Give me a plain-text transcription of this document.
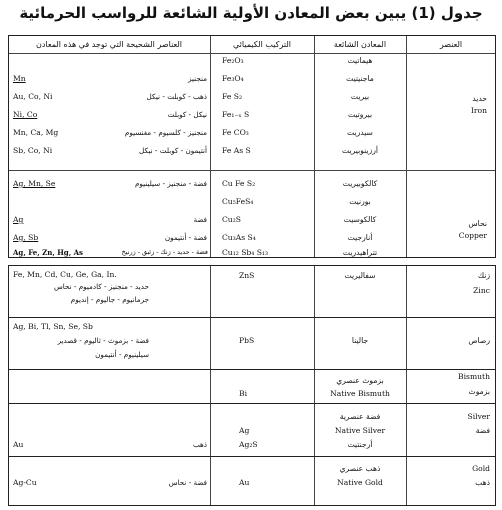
جدول (1) يبين بعض المعادن الأولية الشائعة للرواسب الحرمائية
العنصر
المعادن الشائعة
التركيب الكيميائي
العناصر الشحيحة التي توجد في هذه المعادن
حديد
Iron
هيماتيت
ماجنيتيت
بيريت
بيروتيت
سيدريت
أرزينوبيريت
Fe₂O₃
Fe₃O₄
Fe S₂
Fe₁₋ₓ S
Fe CO₃
Fe As S
Mn
Au, Co, Ni
Ni, Co
Mn, Ca, Mg
Sb, Co, Ni
منجنيز
ذهب - كوبلت - نيكل
نيكل - كوبلت
منجنيز - كلسيوم - مغنسيوم
أنتيمون - كوبلت - نيكل
نحاس
Copper
كالكوبيريت
بورنيت
كالكوسيت
أنارجيت
تتراهيدريت
Cu Fe S₂
Cu₅FeS₄
Cu₂S
Cu₃As S₄
Cu₁₂ Sb₄ S₁₃
Ag, Mn, Se
Ag
Ag, Sb
Ag, Fe, Zn, Hg, As
فضة - منجنيز - سيلينيوم
فضة
فضة - أنتيمون
فضة - حديد - زنك - زئبق - زرنيخ
زنك
Zinc
سفاليريت
ZnS
Fe, Mn, Cd, Cu, Ge, Ga, In.
حديد - منجنيز - كادميوم - نحاس
جرمانيوم - جاليوم - إنديوم
رصاص
جالينا
PbS
Ag, Bi, Tl, Sn, Se, Sb
فضة - بزموث - ثاليوم - قصدير
سيلينيوم - أنتيمون
Bismuth
بزموث
بزموث عنصري
Native Bismuth
Bi
Silver
فضة
فضة عنصرية
Native Silver
أرجنتيت
Ag
Ag₂S
Au	ذهب
Gold
ذهب
ذهب عنصري
Native Gold
Au
Ag-Cu	فضة - نحاس
